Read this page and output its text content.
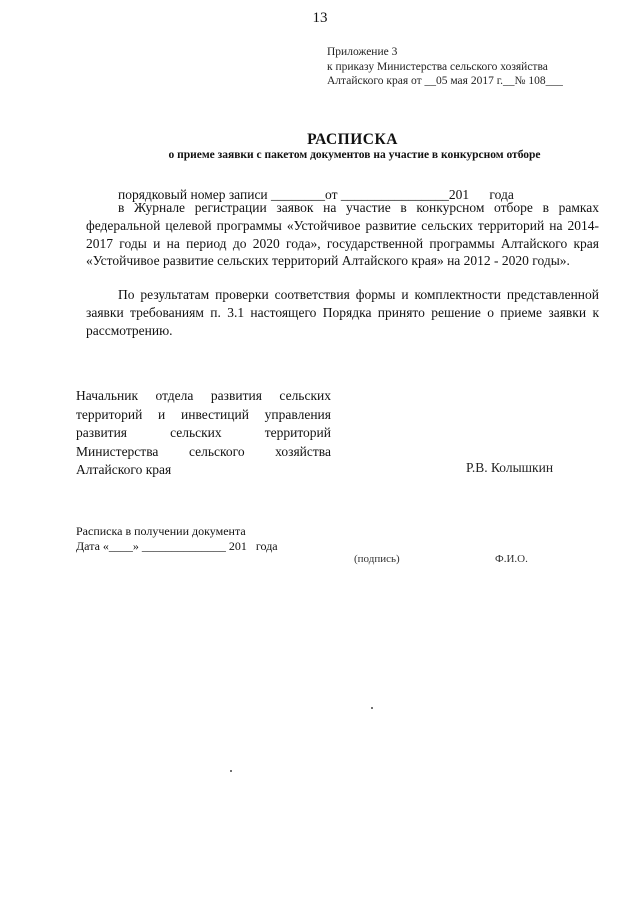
13
Приложение 3
к приказу Министерства сельского хозяйства
Алтайского края от __05 мая 2017 г.__№ 108___
РАСПИСКА
о приеме заявки с пакетом документов на участие в конкурсном отборе
порядковый номер записи ________от ________________201      года
в Журнале регистрации заявок на участие в конкурсном отборе в рамках федеральной целевой программы «Устойчивое развитие сельских территорий на 2014-2017 годы и на период до 2020 года», государственной программы Алтайского края «Устойчивое развитие сельских территорий Алтайского края» на 2012 - 2020 годы».
По результатам проверки соответствия формы и комплектности представленной заявки требованиям п. 3.1 настоящего Порядка принято решение о приеме заявки к рассмотрению.
Начальник отдела развития сельских территорий и инвестиций управления развития сельских территорий Министерства сельского хозяйства Алтайского края	Р.В. Колышкин
Расписка в получении документа
Дата «____» ______________ 201   года
(подпись)	Ф.И.О.
